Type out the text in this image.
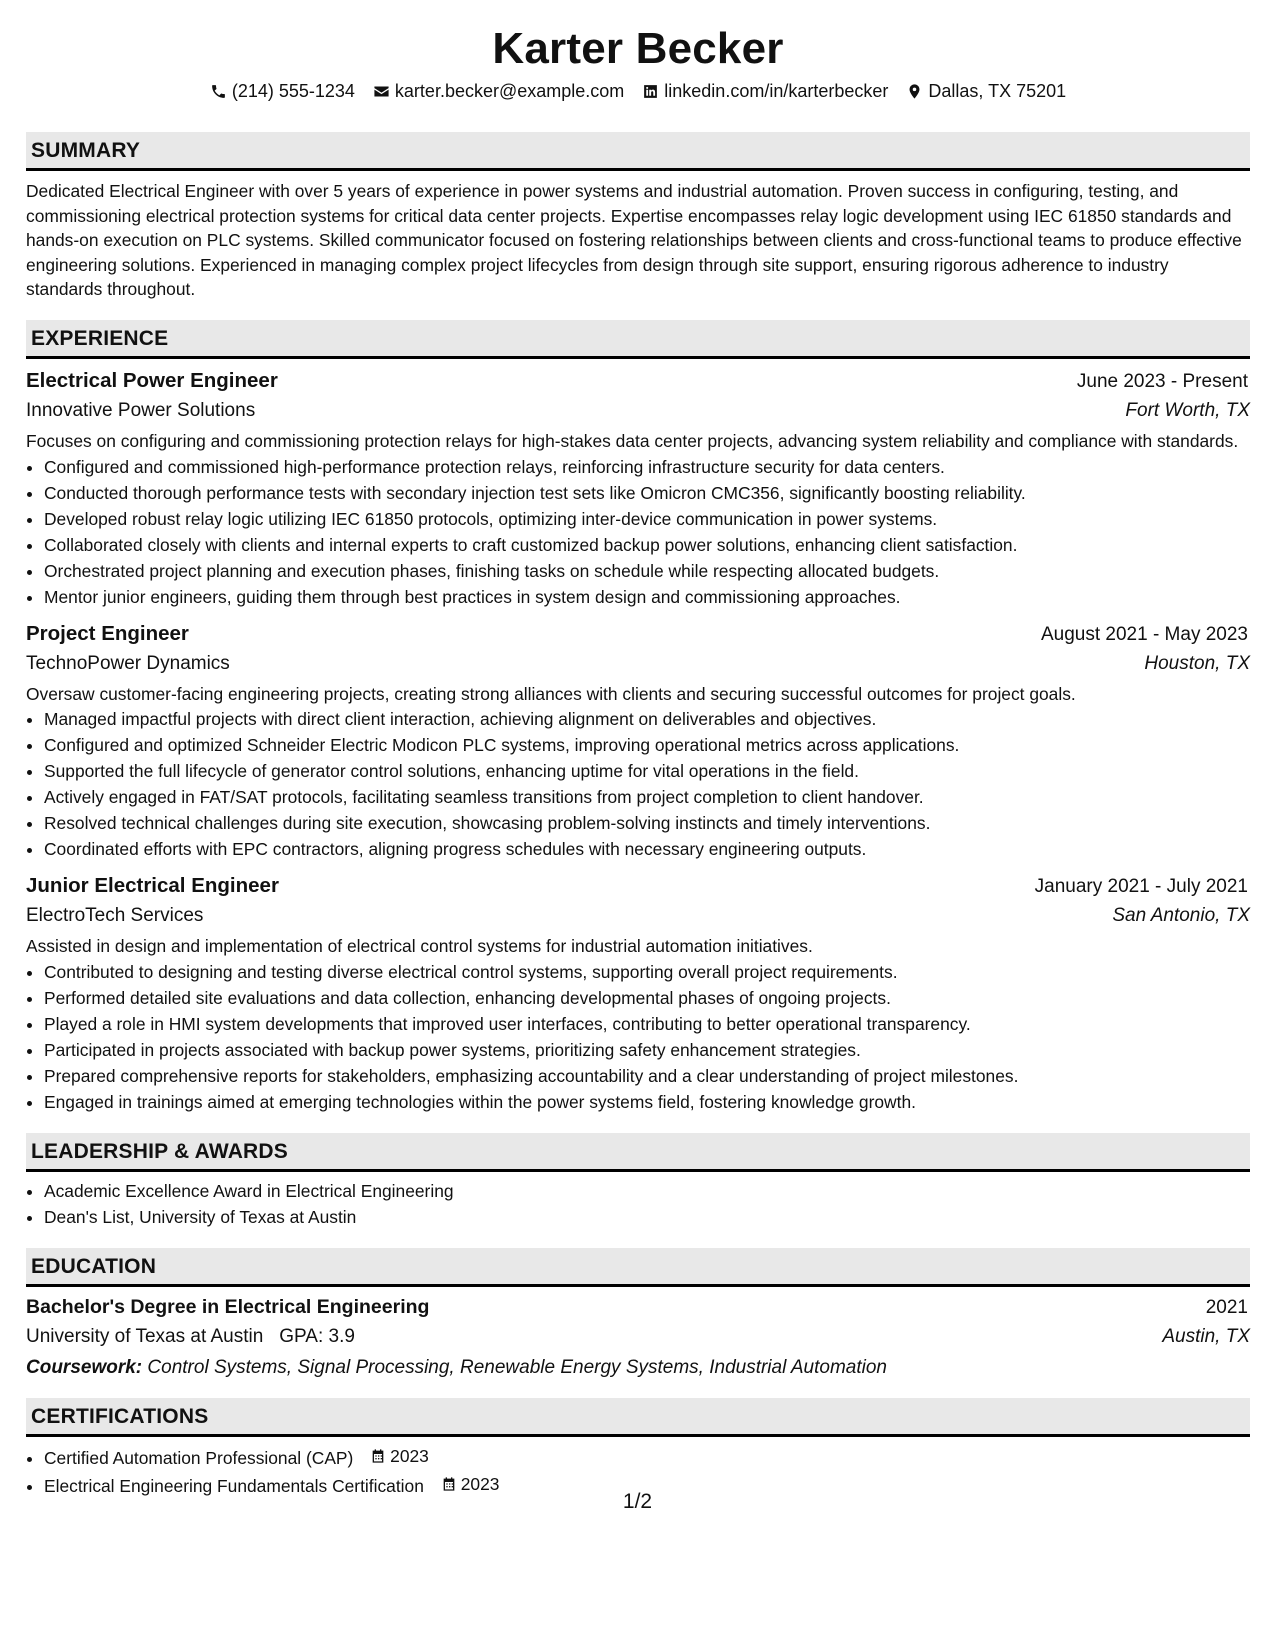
Karter Becker
(214) 555-1234 karter.becker@example.com linkedin.com/in/karterbecker Dallas, TX 75201
SUMMARY
Dedicated Electrical Engineer with over 5 years of experience in power systems and industrial automation. Proven success in configuring, testing, and commissioning electrical protection systems for critical data center projects. Expertise encompasses relay logic development using IEC 61850 standards and hands-on execution on PLC systems. Skilled communicator focused on fostering relationships between clients and cross-functional teams to produce effective engineering solutions. Experienced in managing complex project lifecycles from design through site support, ensuring rigorous adherence to industry standards throughout.
EXPERIENCE
Electrical Power Engineer	June 2023 - Present
Innovative Power Solutions	Fort Worth, TX
Focuses on configuring and commissioning protection relays for high-stakes data center projects, advancing system reliability and compliance with standards.
• Configured and commissioned high-performance protection relays, reinforcing infrastructure security for data centers.
• Conducted thorough performance tests with secondary injection test sets like Omicron CMC356, significantly boosting reliability.
• Developed robust relay logic utilizing IEC 61850 protocols, optimizing inter-device communication in power systems.
• Collaborated closely with clients and internal experts to craft customized backup power solutions, enhancing client satisfaction.
• Orchestrated project planning and execution phases, finishing tasks on schedule while respecting allocated budgets.
• Mentor junior engineers, guiding them through best practices in system design and commissioning approaches.
Project Engineer	August 2021 - May 2023
TechnoPower Dynamics	Houston, TX
Oversaw customer-facing engineering projects, creating strong alliances with clients and securing successful outcomes for project goals.
• Managed impactful projects with direct client interaction, achieving alignment on deliverables and objectives.
• Configured and optimized Schneider Electric Modicon PLC systems, improving operational metrics across applications.
• Supported the full lifecycle of generator control solutions, enhancing uptime for vital operations in the field.
• Actively engaged in FAT/SAT protocols, facilitating seamless transitions from project completion to client handover.
• Resolved technical challenges during site execution, showcasing problem-solving instincts and timely interventions.
• Coordinated efforts with EPC contractors, aligning progress schedules with necessary engineering outputs.
Junior Electrical Engineer	January 2021 - July 2021
ElectroTech Services	San Antonio, TX
Assisted in design and implementation of electrical control systems for industrial automation initiatives.
• Contributed to designing and testing diverse electrical control systems, supporting overall project requirements.
• Performed detailed site evaluations and data collection, enhancing developmental phases of ongoing projects.
• Played a role in HMI system developments that improved user interfaces, contributing to better operational transparency.
• Participated in projects associated with backup power systems, prioritizing safety enhancement strategies.
• Prepared comprehensive reports for stakeholders, emphasizing accountability and a clear understanding of project milestones.
• Engaged in trainings aimed at emerging technologies within the power systems field, fostering knowledge growth.
LEADERSHIP & AWARDS
• Academic Excellence Award in Electrical Engineering
• Dean's List, University of Texas at Austin
EDUCATION
Bachelor's Degree in Electrical Engineering	2021
University of Texas at Austin GPA: 3.9	Austin, TX
Coursework: Control Systems, Signal Processing, Renewable Energy Systems, Industrial Automation
CERTIFICATIONS
• Certified Automation Professional (CAP) 2023
• Electrical Engineering Fundamentals Certification 2023
1/2
